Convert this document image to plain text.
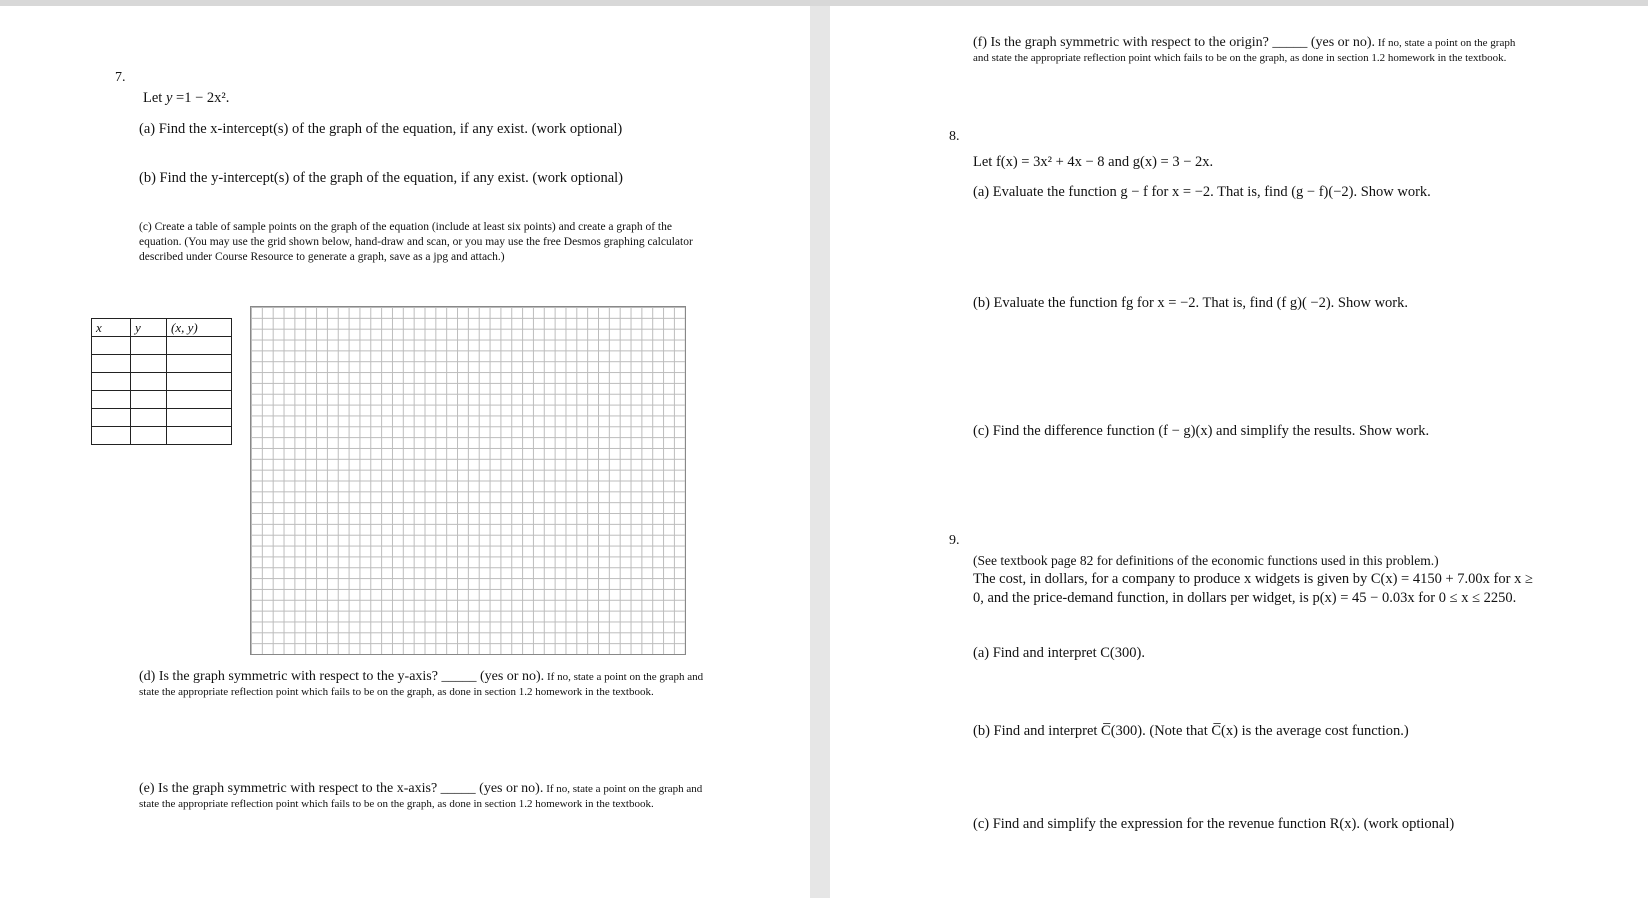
7.
Let y =1 − 2x².
(a) Find the x-intercept(s) of the graph of the equation, if any exist. (work optional)
(b) Find the y-intercept(s) of the graph of the equation, if any exist. (work optional)
(c) Create a table of sample points on the graph of the equation (include at least six points) and create a graph of the equation. (You may use the grid shown below, hand-draw and scan, or you may use the free Desmos graphing calculator described under Course Resource to generate a graph, save as a jpg and attach.)
x	y	(x, y)

(d) Is the graph symmetric with respect to the y-axis? _____ (yes or no). If no, state a point on the graph and state the appropriate reflection point which fails to be on the graph, as done in section 1.2 homework in the textbook.
(e) Is the graph symmetric with respect to the x-axis? _____ (yes or no). If no, state a point on the graph and state the appropriate reflection point which fails to be on the graph, as done in section 1.2 homework in the textbook.
(f) Is the graph symmetric with respect to the origin? _____ (yes or no). If no, state a point on the graph and state the appropriate reflection point which fails to be on the graph, as done in section 1.2 homework in the textbook.
8.
Let f(x) = 3x² + 4x − 8 and g(x) = 3 − 2x.
(a) Evaluate the function g − f for x = −2. That is, find (g − f)(−2). Show work.
(b) Evaluate the function fg for x = −2. That is, find (f g)( −2). Show work.
(c) Find the difference function (f − g)(x) and simplify the results. Show work.
9.
(See textbook page 82 for definitions of the economic functions used in this problem.)
The cost, in dollars, for a company to produce x widgets is given by C(x) = 4150 + 7.00x for x ≥ 0, and the price-demand function, in dollars per widget, is p(x) = 45 − 0.03x for 0 ≤ x ≤ 2250.
(a) Find and interpret C(300).
(b) Find and interpret C̅(300). (Note that C̅(x) is the average cost function.)
(c) Find and simplify the expression for the revenue function R(x). (work optional)
